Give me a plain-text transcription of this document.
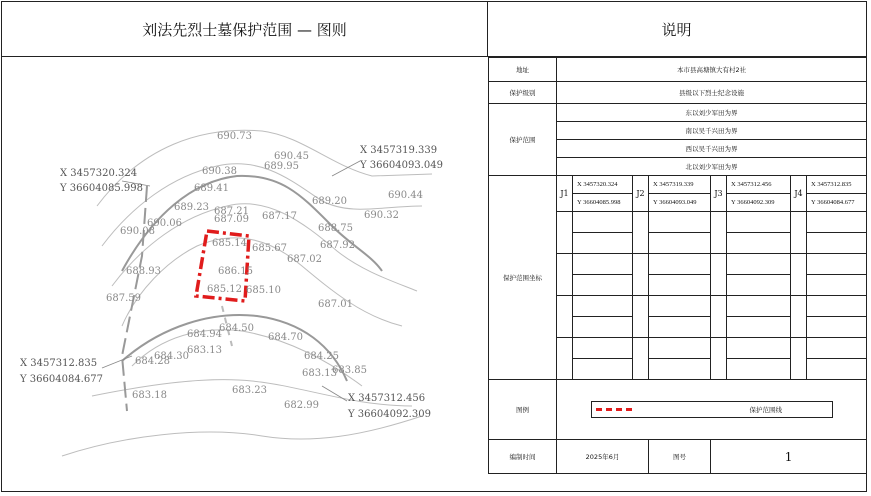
刘法先烈士墓保护范围 — 图则	说明
690.73
690.38
690.45
689.95
689.41
689.23 687.21
687.09 687.17
689.20
690.44
690.32
690.06
690.08	688.75
687.92
685.14 685.67
687.02
688.93	686.15
687.59
685.12 685.10
687.01
684.94
684.50
684.70
684.25
684.30
683.13
684.28
683.85
683.13
683.23
683.18
682.99
X 3457320.324
Y 36604085.998
X 3457319.339
Y 36604093.049
X 3457312.835
Y 36604084.677
X 3457312.456
Y 36604092.309
地址	本市县高塘镇大有村2社							
保护级别	县级以下烈士纪念设施							
保护范围	东以刘少军田为界							
	南以吴千兴田为界							
	西以吴千兴田为界							
	北以刘少军田为界							
保护范围坐标	J1	X 3457320.324	J2	X 3457319.339	J3	X 3457312.456	J4	X 3457312.835
		Y 36604085.998		Y 36604093.049		Y 36604092.309		Y 36604084.677

图例	保护范围线							

编制时间	2025年6月			图号	1			
